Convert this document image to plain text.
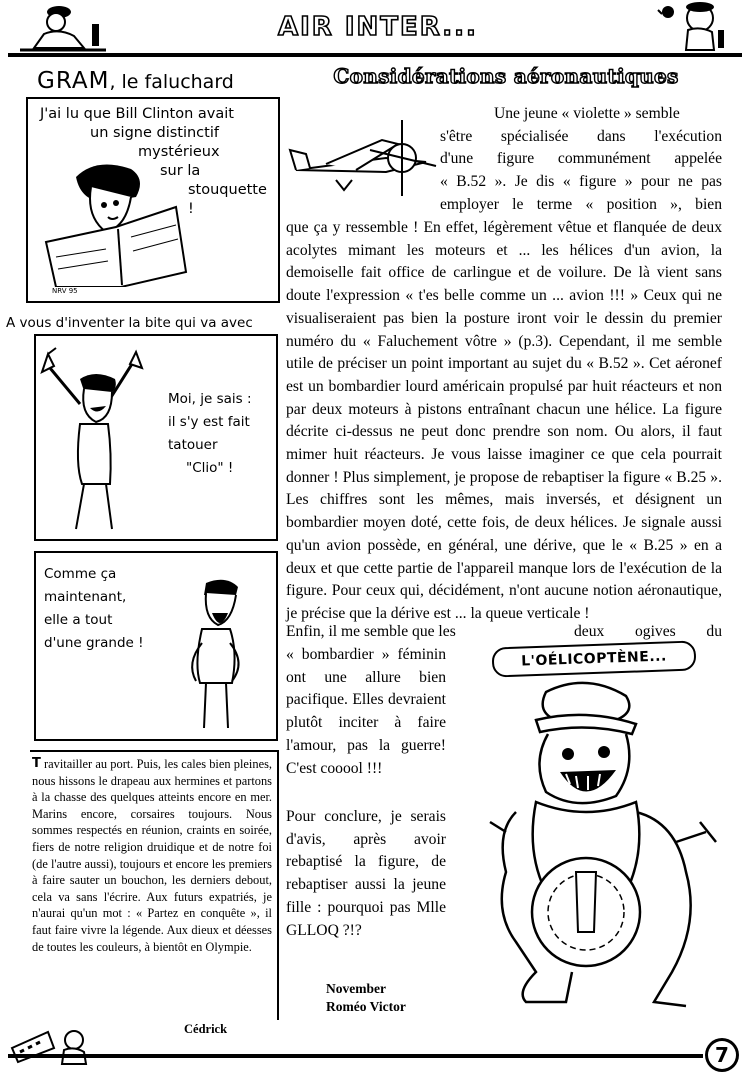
AIR INTER...
GRAM, le faluchard
J'ai lu que Bill Clinton avait
un signe distinctif
mystérieux
sur la
stouquette !
NRV 95
A vous d'inventer la bite qui va avec
Moi, je sais :
il s'y est fait
tatouer
"Clio" !
Comme ça
maintenant,
elle a tout
d'une grande !
Considérations aéronautiques
Une jeune « violette » semble
s'être spécialisée dans l'exécution
d'une figure communément appelée
« B.52 ». Je dis « figure » pour ne pas
employer le terme « position », bien
que ça y ressemble ! En effet, légèrement vêtue et flanquée de deux acolytes mimant les moteurs et ... les hélices d'un avion, la demoiselle fait office de carlingue et de voilure. De là vient sans doute l'expression « t'es belle comme un ... avion !!! » Ceux qui ne visualiseraient pas bien la posture iront voir le dessin du premier numéro du « Faluchement vôtre » (p.3). Cependant, il me semble utile de préciser un point important au sujet du « B.52 ». Cet aéronef est un bombardier lourd américain propulsé par huit réacteurs et non par deux moteurs à pistons entraînant chacun une hélice. La figure décrite ci-dessus ne peut donc prendre son nom. Ou alors, il faut mimer huit réacteurs. Je vous laisse imaginer ce que cela pourrait donner ! Plus simplement, je propose de rebaptiser la figure « B.25 ». Les chiffres sont les mêmes, mais inversés, et désignent un bombardier moyen doté, cette fois, de deux hélices. Je signale aussi qu'un avion possède, en général, une dérive, que le « B.25 » en a deux et que cette partie de l'appareil manque lors de l'exécution de la figure. Pour ceux qui, décidément, n'ont aucune notion aéronautique, je précise que la dérive est ... la queue verticale !
Enfin, il me semble que les	deux ogives du
« bombardier » féminin ont une allure bien pacifique. Elles devraient plutôt inciter à faire l'amour, pas la guerre! C'est cooool !!!
Pour conclure, je serais d'avis, après avoir rebaptisé la figure, de rebaptiser aussi la jeune fille : pourquoi pas Mlle GLLOQ ?!?
November
Roméo Victor
L'OÉLICOPTÈNE...
T ravitailler au port. Puis, les cales bien pleines, nous hissons le drapeau aux hermines et partons à la chasse des quelques atteints encore en mer. Marins encore, corsaires toujours. Nous sommes respectés en réunion, craints en soirée, fiers de notre religion druidique et de notre foi (de l'autre aussi), toujours et encore les premiers à faire sauter un bouchon, les derniers debout, cela va sans l'écrire. Aux futurs expatriés, je n'aurai qu'un mot : « Partez en conquête », il faut faire vivre la légende. Aux dieux et déesses de toutes les couleurs, à bientôt en Olympie.
Cédrick
7
